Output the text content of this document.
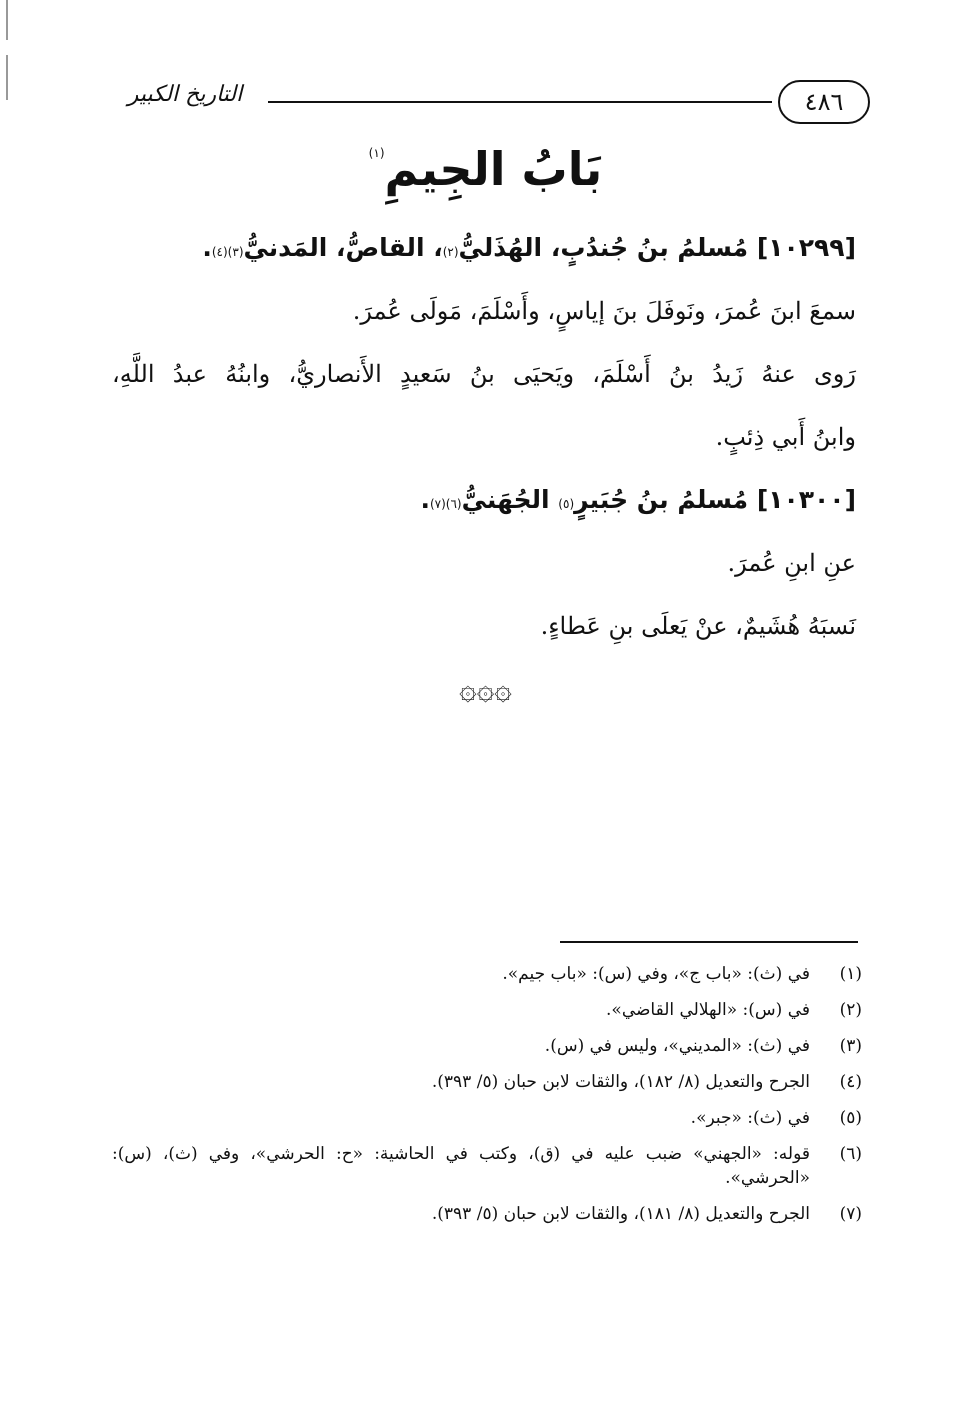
٤٨٦
التاريخ الكبير
بَابُ الجِيمِ$^{(١)}$
[١٠٢٩٩] مُسلمُ بنُ جُندُبٍ، الهُذَليُّ$^{(٢)}$، القاصُّ، المَدنيُّ$^{(٣)(٤)}$.
سمعَ ابنَ عُمرَ، ونَوفَلَ بنَ إياسٍ، وأَسْلَمَ، مَولَى عُمرَ.
رَوى عنهُ زَيدُ بنُ أَسْلَمَ، ويَحيَى بنُ سَعيدٍ الأَنصاريُّ، وابنُهُ عبدُ اللَّهِ،
وابنُ أَبي ذِئبٍ.
[١٠٣٠٠] مُسلمُ بنُ جُبَيرٍ$^{(٥)}$ الجُهَنيُّ$^{(٦)(٧)}$.
عنِ ابنِ عُمرَ.
نَسبَهُ هُشَيمٌ، عنْ يَعلَى بنِ عَطاءٍ.
۞۞۞
(١)
في (ث): «باب ج»، وفي (س): «باب جيم».
(٢)
في (س): «الهلالي القاضي».
(٣)
في (ث): «المديني»، وليس في (س).
(٤)
الجرح والتعديل (٨/ ١٨٢)، والثقات لابن حبان (٥/ ٣٩٣).
(٥)
في (ث): «جبر».
(٦)
قوله: «الجهني» ضبب عليه في (ق)، وكتب في الحاشية: «ح: الحرشي»، وفي (ث)، (س): «الحرشي».
(٧)
الجرح والتعديل (٨/ ١٨١)، والثقات لابن حبان (٥/ ٣٩٣).
